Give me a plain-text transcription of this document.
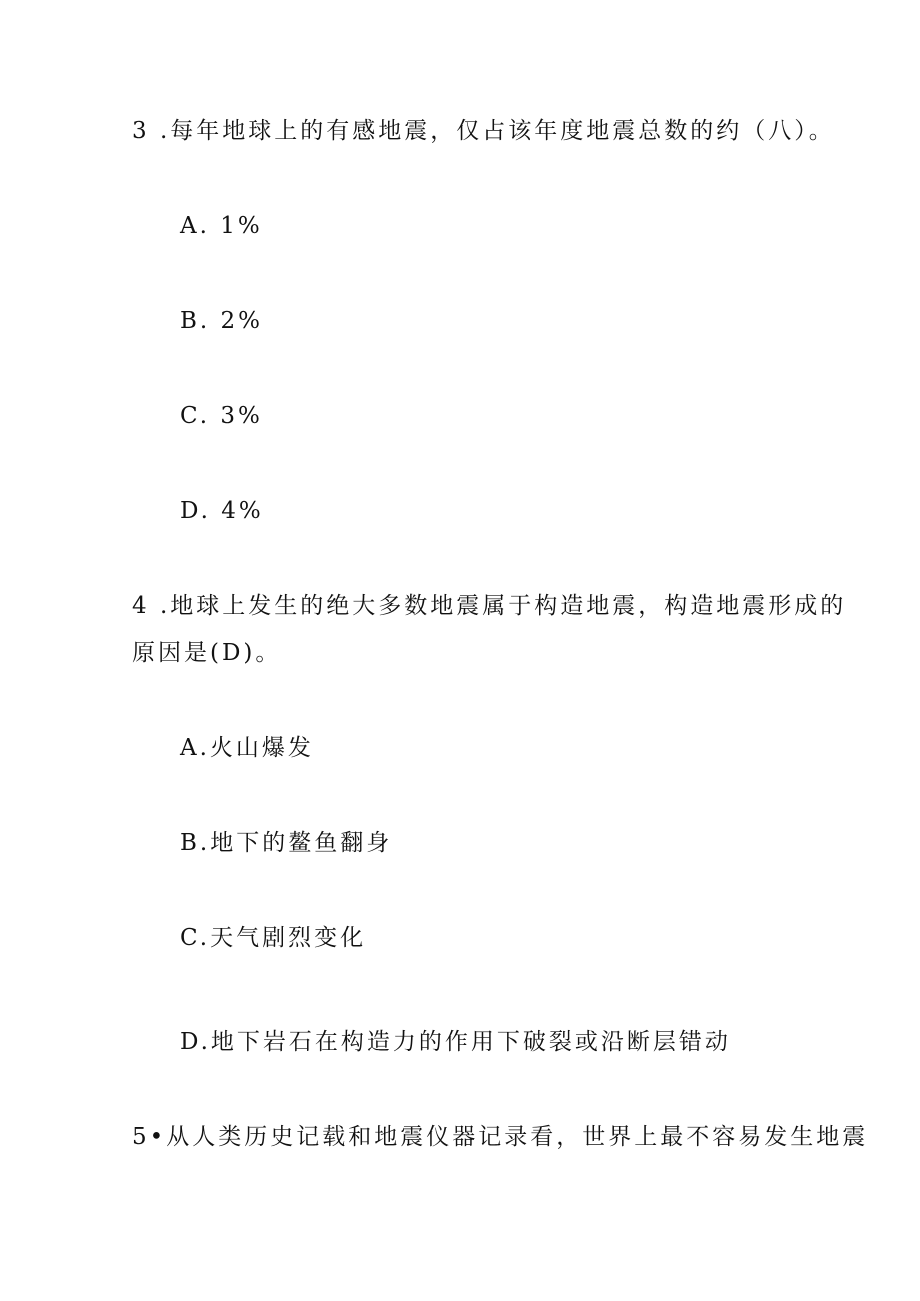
3 .每年地球上的有感地震，仅占该年度地震总数的约（八）。
A. 1%
B. 2%
C. 3%
D. 4%
4 .地球上发生的绝大多数地震属于构造地震，构造地震形成的
原因是(D)。
A.火山爆发
B.地下的鳌鱼翻身
C.天气剧烈变化
D.地下岩石在构造力的作用下破裂或沿断层错动
5•从人类历史记载和地震仪器记录看，世界上最不容易发生地震
